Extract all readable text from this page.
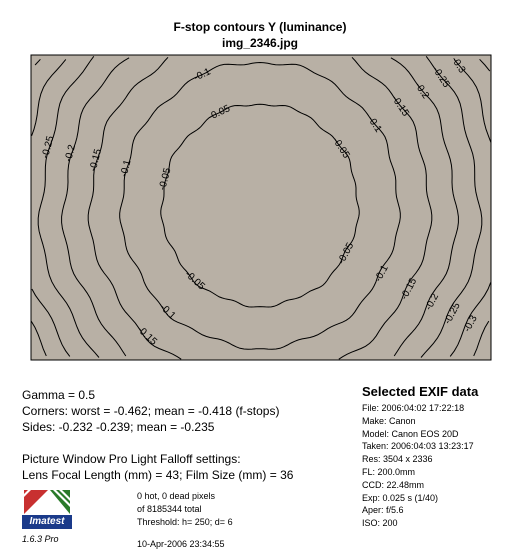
F-stop contours Y (luminance)
img_2346.jpg
-0.05
-0.05
-0.05
-0.05
-0.05
-0.1
-0.1
-0.1
-0.1
-0.1
-0.15
-0.15
-0.15
-0.15
-0.2
-0.2
-0.2
-0.25
-0.25
-0.25
-0.3
-0.3
Gamma = 0.5
Corners: worst = -0.462; mean = -0.418 (f-stops)
Sides: -0.232 -0.239; mean = -0.235
Picture Window Pro Light Falloff settings:
Lens Focal Length (mm) = 43; Film Size (mm) = 36
0 hot, 0 dead pixels
of 8185344 total
Threshold: h= 250; d= 6
10-Apr-2006 23:34:55
Imatest
1.6.3 Pro
Selected EXIF data
File: 2006:04:02 17:22:18
Make: Canon
Model: Canon EOS 20D
Taken: 2006:04:03 13:23:17
Res: 3504 x 2336
FL: 200.0mm
CCD: 22.48mm
Exp: 0.025 s (1/40)
Aper: f/5.6
ISO: 200
